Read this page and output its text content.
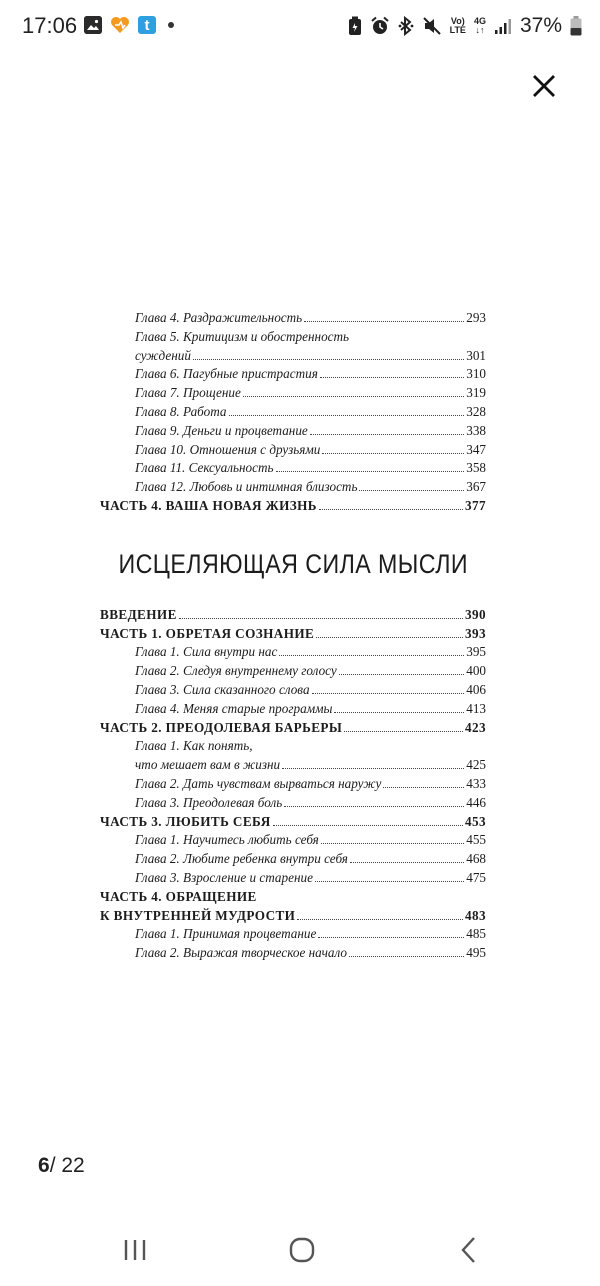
17:06	t	Vo)
LTE
4G
↓↑ 37%
Глава 4. Раздражительность	293
Глава 5. Критицизм и обостренность
суждений	301
Глава 6. Пагубные пристрастия	310
Глава 7. Прощение	319
Глава 8. Работа	328
Глава 9. Деньги и процветание	338
Глава 10. Отношения с друзьями	347
Глава 11. Сексуальность	358
Глава 12. Любовь и интимная близость	367
ЧАСТЬ 4. ВАША НОВАЯ ЖИЗНЬ	377
ИСЦЕЛЯЮЩАЯ СИЛА МЫСЛИ
ВВЕДЕНИЕ	390
ЧАСТЬ 1. ОБРЕТАЯ СОЗНАНИЕ	393
Глава 1. Сила внутри нас	395
Глава 2. Следуя внутреннему голосу	400
Глава 3. Сила сказанного слова	406
Глава 4. Меняя старые программы	413
ЧАСТЬ 2. ПРЕОДОЛЕВАЯ БАРЬЕРЫ	423
Глава 1. Как понять,
что мешает вам в жизни	425
Глава 2. Дать чувствам вырваться наружу	433
Глава 3. Преодолевая боль	446
ЧАСТЬ 3. ЛЮБИТЬ СЕБЯ	453
Глава 1. Научитесь любить себя	455
Глава 2. Любите ребенка внутри себя	468
Глава 3. Взросление и старение	475
ЧАСТЬ 4. ОБРАЩЕНИЕ
К ВНУТРЕННЕЙ МУДРОСТИ	483
Глава 1. Принимая процветание	485
Глава 2. Выражая творческое начало	495
6/ 22
